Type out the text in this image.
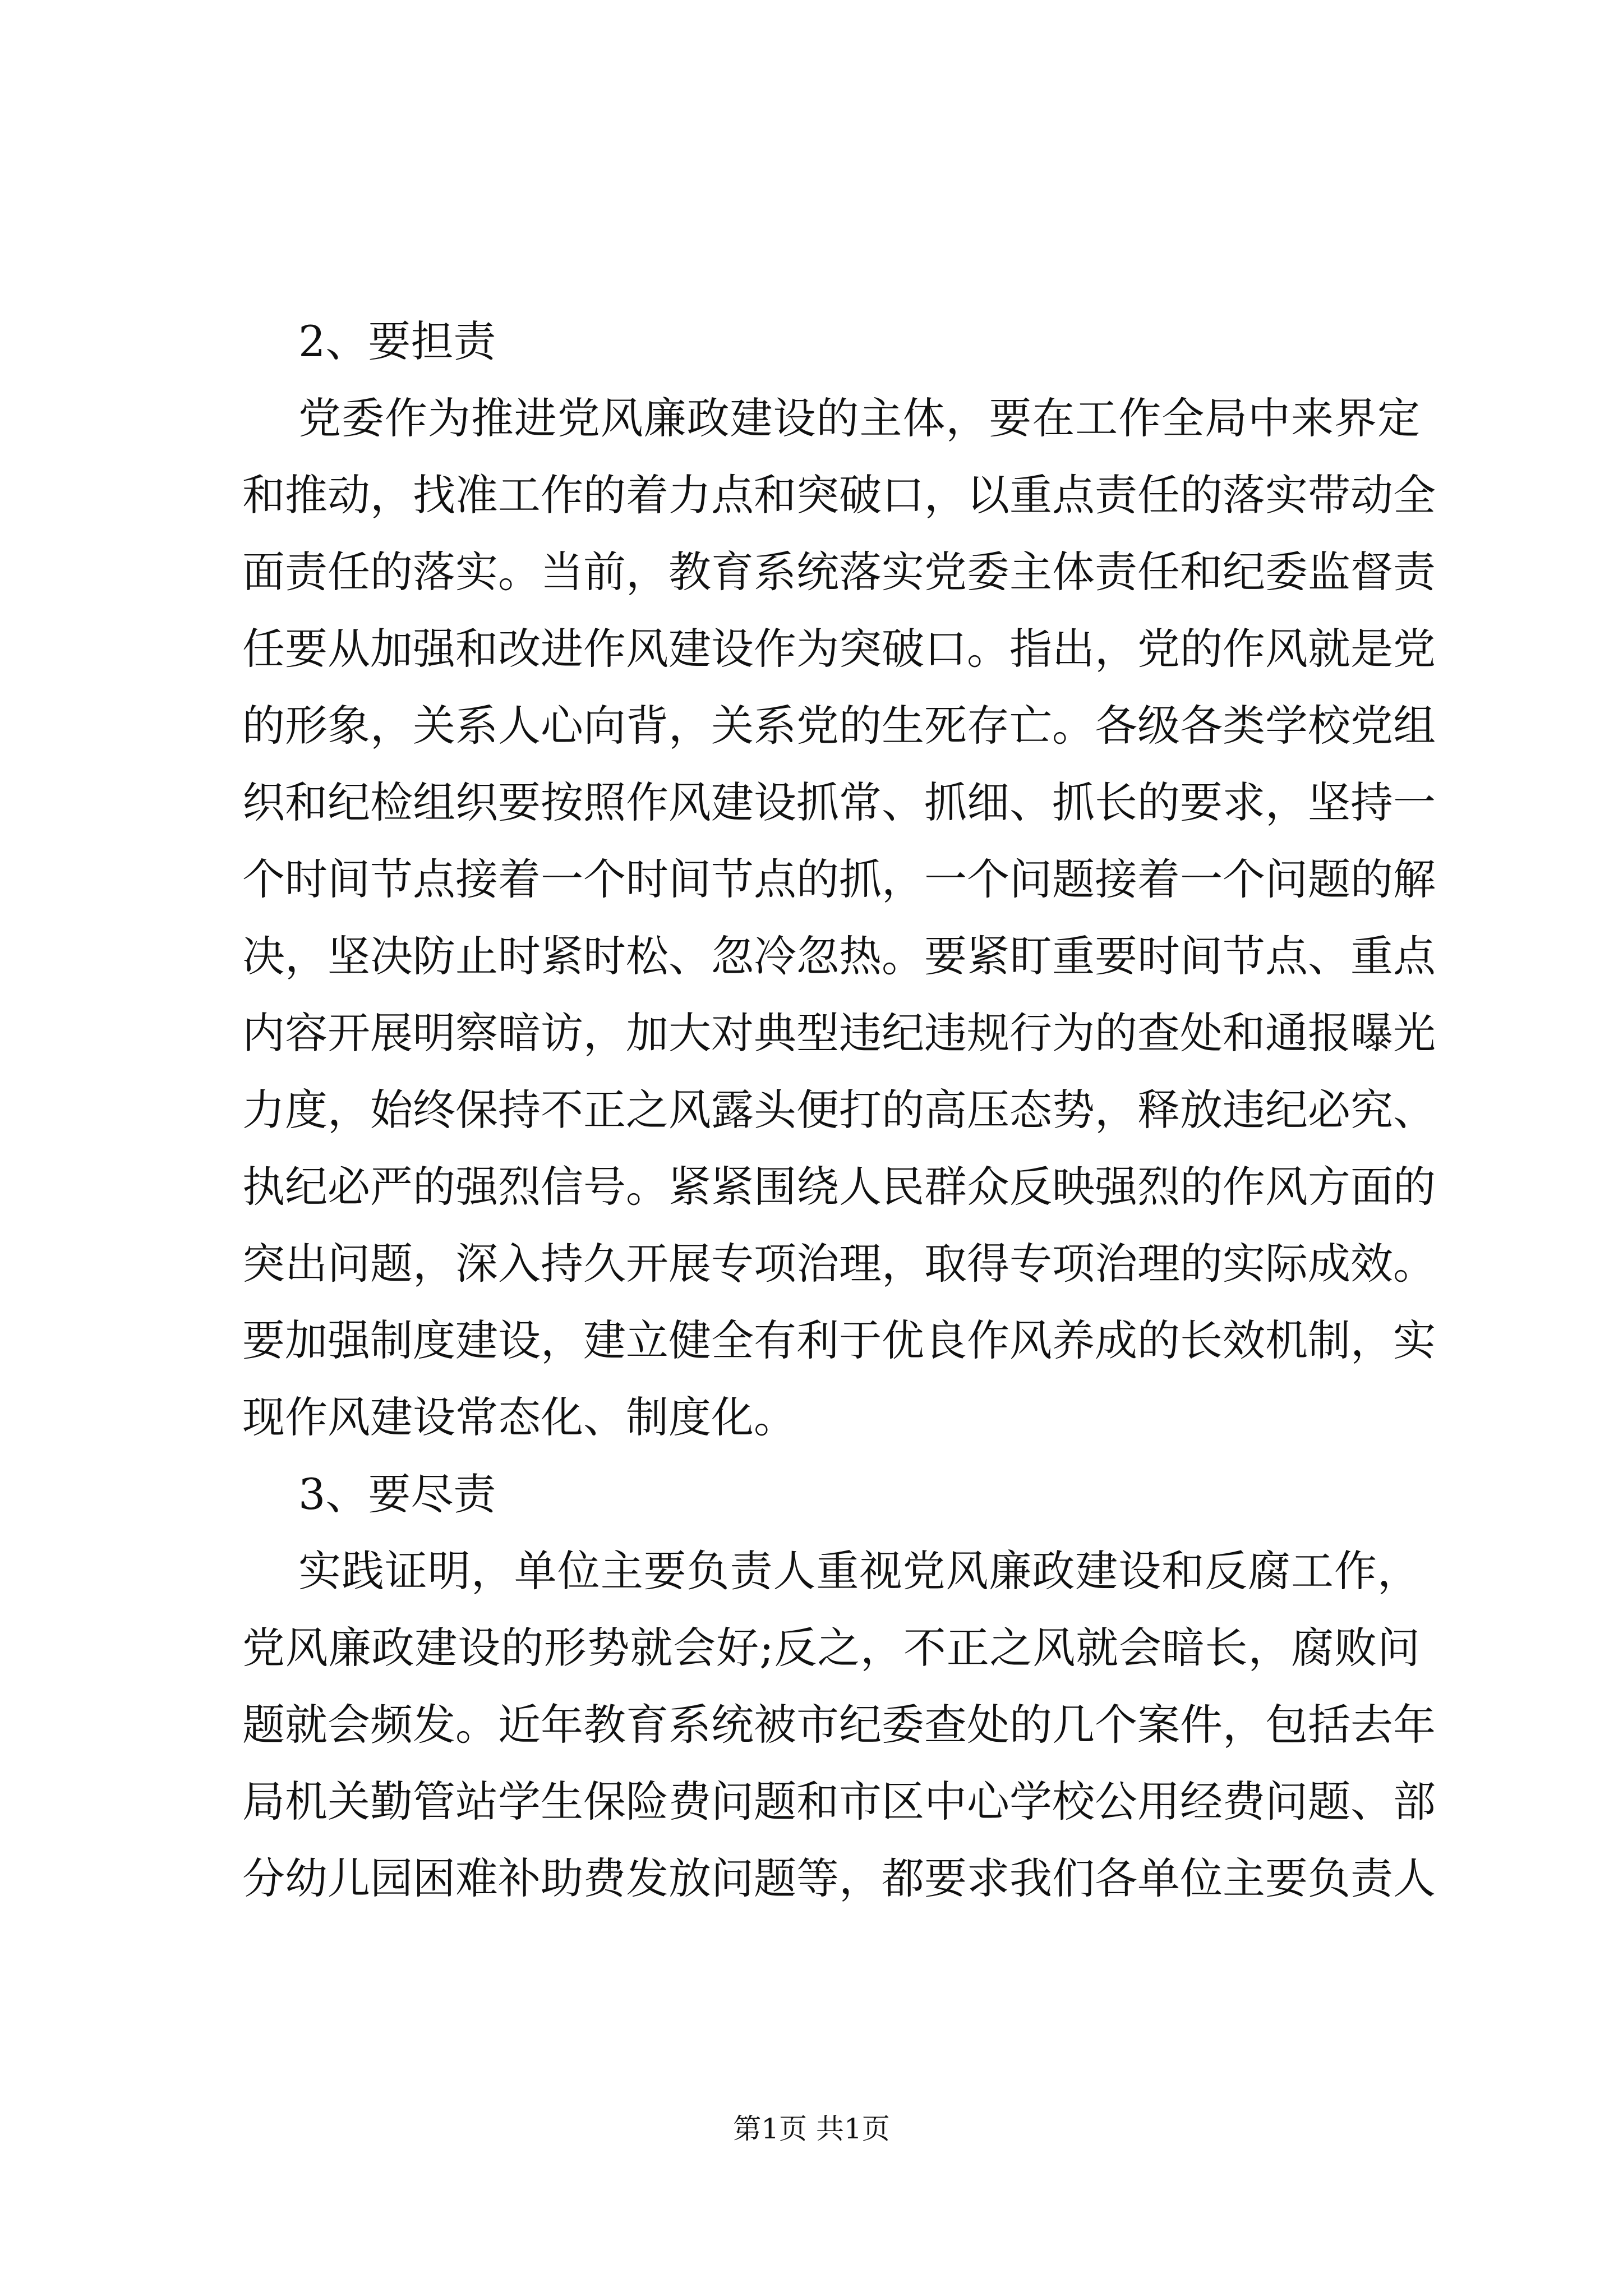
2、要担责
党委作为推进党风廉政建设的主体，要在工作全局中来界定
和推动，找准工作的着力点和突破口，以重点责任的落实带动全
面责任的落实。当前，教育系统落实党委主体责任和纪委监督责
任要从加强和改进作风建设作为突破口。指出，党的作风就是党
的形象，关系人心向背，关系党的生死存亡。各级各类学校党组
织和纪检组织要按照作风建设抓常、抓细、抓长的要求，坚持一
个时间节点接着一个时间节点的抓，一个问题接着一个问题的解
决，坚决防止时紧时松、忽冷忽热。要紧盯重要时间节点、重点
内容开展明察暗访，加大对典型违纪违规行为的查处和通报曝光
力度，始终保持不正之风露头便打的高压态势，释放违纪必究、
执纪必严的强烈信号。紧紧围绕人民群众反映强烈的作风方面的
突出问题，深入持久开展专项治理，取得专项治理的实际成效。
要加强制度建设，建立健全有利于优良作风养成的长效机制，实
现作风建设常态化、制度化。
3、要尽责
实践证明，单位主要负责人重视党风廉政建设和反腐工作，
党风廉政建设的形势就会好;反之，不正之风就会暗长，腐败问
题就会频发。近年教育系统被市纪委查处的几个案件，包括去年
局机关勤管站学生保险费问题和市区中心学校公用经费问题、部
分幼儿园困难补助费发放问题等，都要求我们各单位主要负责人
第1页 共1页
